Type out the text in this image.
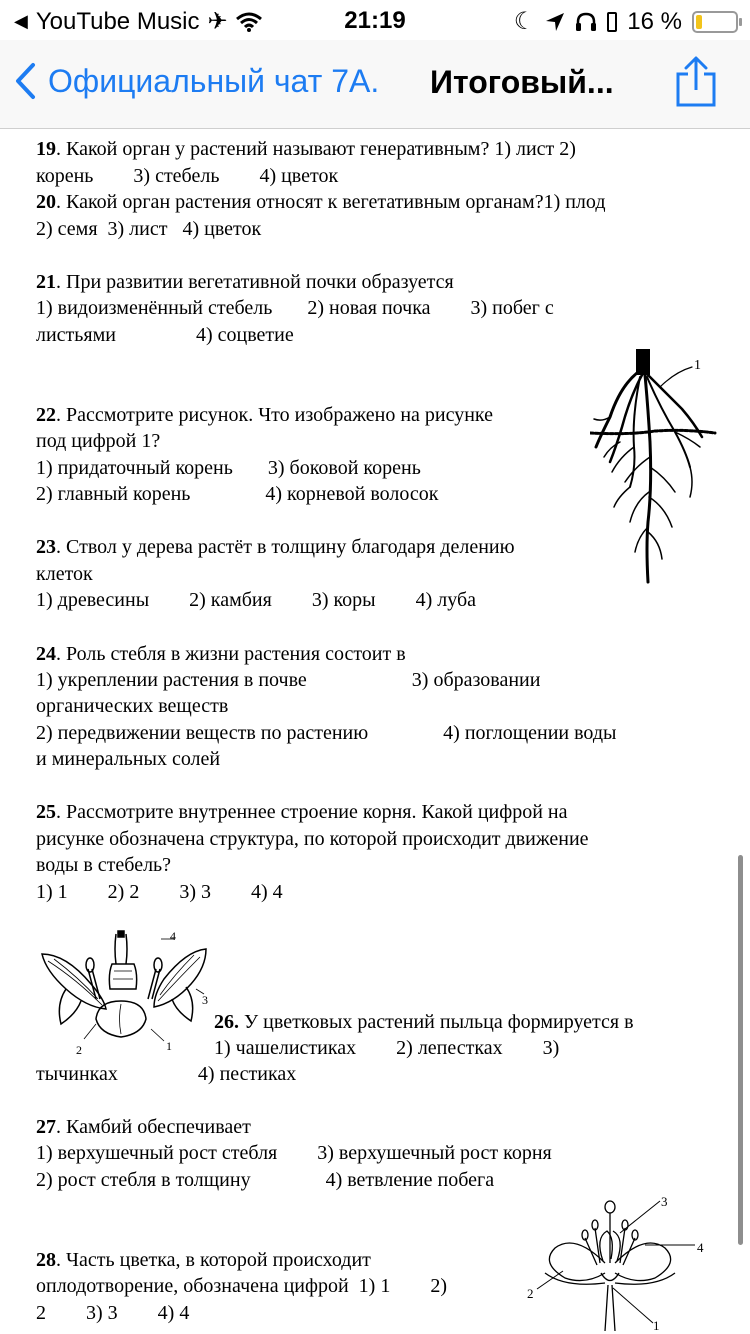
◀ YouTube Music ✈	21:19	☾	16 %
Официальный чат 7А. Итоговый...
19. Какой орган у растений называют генеративным? 1) лист 2)
корень        3) стебель        4) цветок
20. Какой орган растения относят к вегетативным органам?1) плод
2) семя  3) лист   4) цветок
21. При развитии вегетативной почки образуется
1) видоизменённый стебель       2) новая почка        3) побег с
листьями                4) соцветие
1
22. Рассмотрите рисунок. Что изображено на рисунке
под цифрой 1?
1) придаточный корень       3) боковой корень
2) главный корень               4) корневой волосок
23. Ствол у дерева растёт в толщину благодаря делению
клеток
1) древесины        2) камбия        3) коры        4) луба
24. Роль стебля в жизни растения состоит в
1) укреплении растения в почве                     3) образовании
органических веществ
2) передвижении веществ по растению               4) поглощении воды
и минеральных солей
25. Рассмотрите внутреннее строение корня. Какой цифрой на
рисунке обозначена структура, по которой происходит движение
воды в стебель?
1) 1        2) 2        3) 3        4) 4
4
3
1
2
26. У цветковых растений пыльца формируется в
1) чашелистиках        2) лепестках        3)
тычинках                4) пестиках
27. Камбий обеспечивает
1) верхушечный рост стебля        3) верхушечный рост корня
2) рост стебля в толщину               4) ветвление побега
3
4
2
1
28. Часть цветка, в которой происходит
оплодотворение, обозначена цифрой  1) 1        2)
2        3) 3        4) 4
